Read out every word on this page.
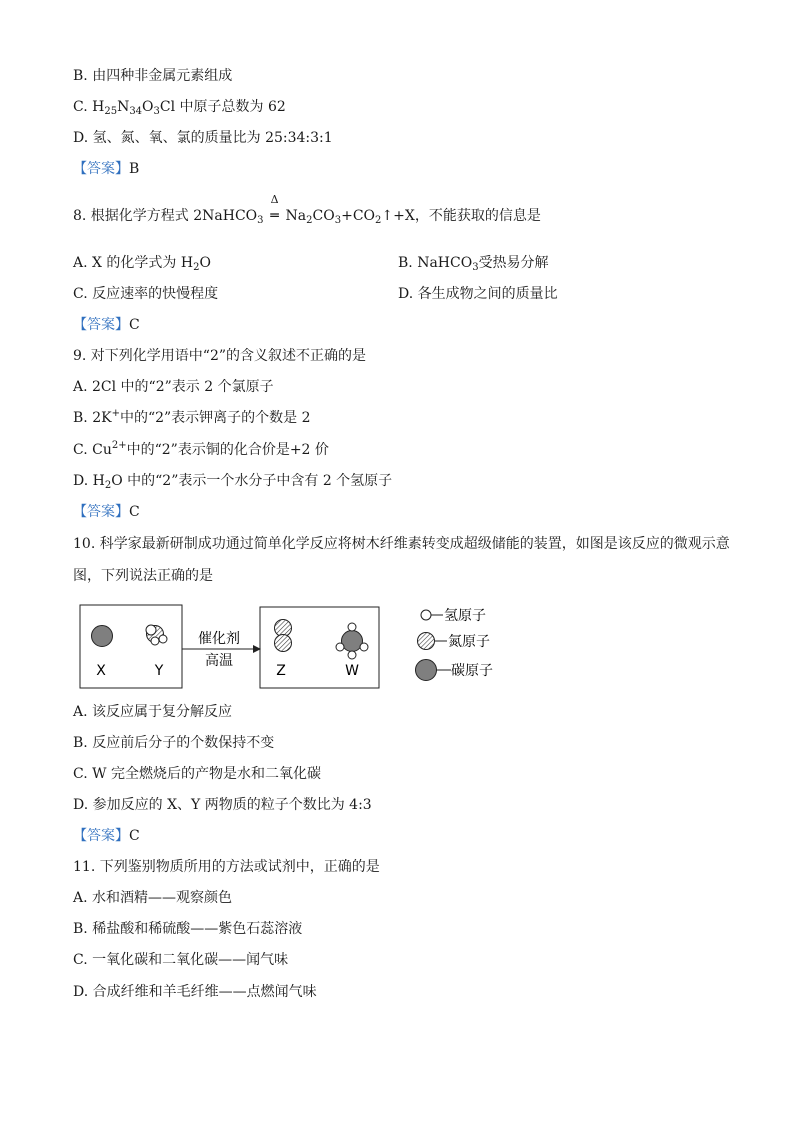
B. 由四种非金属元素组成
C. $H_{25}N_{34}O_3Cl$ 中原子总数为 62
D. 氢、氮、氧、氯的质量比为 25:34:3:1
【答案】B
8. 根据化学方程式 2NaHCO$_3$
Δ
═ $Na_2CO_3+CO_2↑+X$，不能获取的信息是
A. X 的化学式为 $H_2O$	B. NaHCO$_3$受热易分解
C. 反应速率的快慢程度	D. 各生成物之间的质量比
【答案】C
9. 对下列化学用语中“2”的含义叙述不正确的是
A. 2Cl 中的“2”表示 2 个氯原子
B. 2K+中的“2”表示钾离子的个数是 2
C. $Cu^{2+}$中的“2”表示铜的化合价是+2 价
D. $H_2O$ 中的“2”表示一个水分子中含有 2 个氢原子
【答案】C
10. 科学家最新研制成功通过简单化学反应将树木纤维素转变成超级储能的装置，如图是该反应的微观示意
图，下列说法正确的是
X	Y
催化剂
高温
Z	W
氢原子
氮原子
碳原子
A. 该反应属于复分解反应
B. 反应前后分子的个数保持不变
C. W 完全燃烧后的产物是水和二氧化碳
D. 参加反应的 X、Y 两物质的粒子个数比为 4:3
【答案】C
11. 下列鉴别物质所用的方法或试剂中，正确的是
A. 水和酒精——观察颜色
B. 稀盐酸和稀硫酸——紫色石蕊溶液
C. 一氧化碳和二氧化碳——闻气味
D. 合成纤维和羊毛纤维——点燃闻气味
